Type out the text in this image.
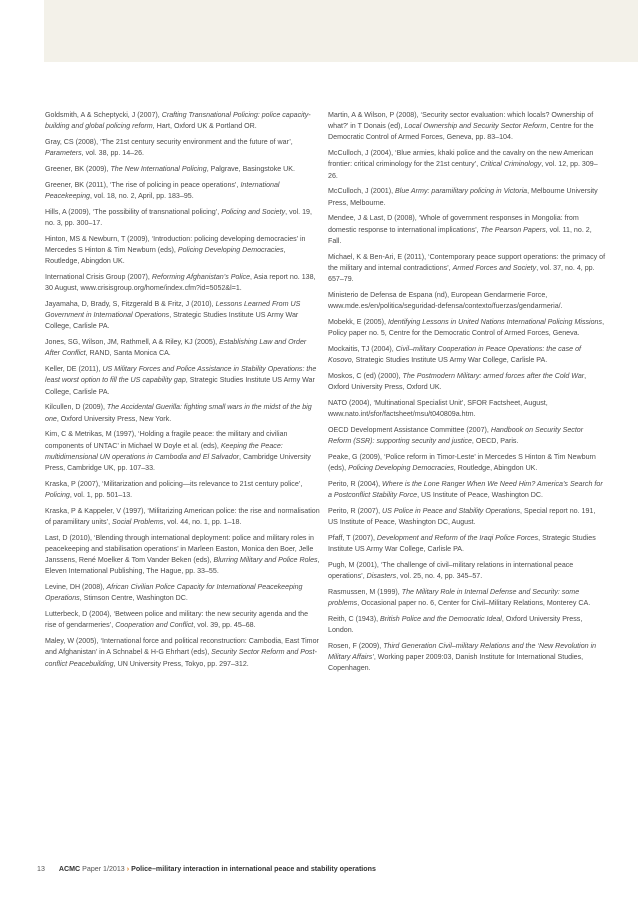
Goldsmith, A & Scheptycki, J (2007), Crafting Transnational Policing: police capacity-building and global policing reform, Hart, Oxford UK & Portland OR.

Gray, CS (2008), ‘The 21st century security environment and the future of war’, Parameters, vol. 38, pp. 14–26.

Greener, BK (2009), The New International Policing, Palgrave, Basingstoke UK.

Greener, BK (2011), ‘The rise of policing in peace operations’, International Peacekeeping, vol. 18, no. 2, April, pp. 183–95.

Hills, A (2009), ‘The possibility of transnational policing’, Policing and Society, vol. 19, no. 3, pp. 300–17.

Hinton, MS & Newburn, T (2009), ‘Introduction: policing developing democracies’ in Mercedes S Hinton & Tim Newburn (eds), Policing Developing Democracies, Routledge, Abingdon UK.

International Crisis Group (2007), Reforming Afghanistan’s Police, Asia report no. 138, 30 August, www.crisisgroup.org/home/index.cfm?id=5052&l=1.

Jayamaha, D, Brady, S, Fitzgerald B & Fritz, J (2010), Lessons Learned From US Government in International Operations, Strategic Studies Institute US Army War College, Carlisle PA.

Jones, SG, Wilson, JM, Rathmell, A & Riley, KJ (2005), Establishing Law and Order After Conflict, RAND, Santa Monica CA.

Keller, DE (2011), US Military Forces and Police Assistance in Stability Operations: the least worst option to fill the US capability gap, Strategic Studies Institute US Army War College, Carlisle PA.

Kilcullen, D (2009), The Accidental Guerilla: fighting small wars in the midst of the big one, Oxford University Press, New York.

Kim, C & Metrikas, M (1997), ‘Holding a fragile peace: the military and civilian components of UNTAC’ in Michael W Doyle et al. (eds), Keeping the Peace: multidimensional UN operations in Cambodia and El Salvador, Cambridge University Press, Cambridge UK, pp. 107–33.

Kraska, P (2007), ‘Militarization and policing—its relevance to 21st century police’, Policing, vol. 1, pp. 501–13.

Kraska, P & Kappeler, V (1997), ‘Militarizing American police: the rise and normalisation of paramilitary units’, Social Problems, vol. 44, no. 1, pp. 1–18.

Last, D (2010), ‘Blending through international deployment: police and military roles in peacekeeping and stabilisation operations’ in Marleen Easton, Monica den Boer, Jelle Janssens, René Moelker & Tom Vander Beken (eds), Blurring Military and Police Roles, Eleven International Publishing, The Hague, pp. 33–55.

Levine, DH (2008), African Civilian Police Capacity for International Peacekeeping Operations, Stimson Centre, Washington DC.

Lutterbeck, D (2004), ‘Between police and military: the new security agenda and the rise of gendarmeries’, Cooperation and Conflict, vol. 39, pp. 45–68.

Maley, W (2005), ‘International force and political reconstruction: Cambodia, East Timor and Afghanistan’ in A Schnabel & H-G Ehrhart (eds), Security Sector Reform and Post-conflict Peacebuilding, UN University Press, Tokyo, pp. 297–312.

Martin, A & Wilson, P (2008), ‘Security sector evaluation: which locals? Ownership of what?’ in T Donais (ed), Local Ownership and Security Sector Reform, Centre for the Democratic Control of Armed Forces, Geneva, pp. 83–104.

McCulloch, J (2004), ‘Blue armies, khaki police and the cavalry on the new American frontier: critical criminology for the 21st century’, Critical Criminology, vol. 12, pp. 309–26.

McCulloch, J (2001), Blue Army: paramilitary policing in Victoria, Melbourne University Press, Melbourne.

Mendee, J & Last, D (2008), ‘Whole of government responses in Mongolia: from domestic response to international implications’, The Pearson Papers, vol. 11, no. 2, Fall.

Michael, K & Ben-Ari, E (2011), ‘Contemporary peace support operations: the primacy of the military and internal contradictions’, Armed Forces and Society, vol. 37, no. 4, pp. 657–79.

Ministerio de Defensa de Espana (nd), European Gendarmerie Force, www.mde.es/en/politica/seguridad-defensa/contexto/fuerzas/gendarmeria/.

Mobekk, E (2005), Identifying Lessons in United Nations International Policing Missions, Policy paper no. 5, Centre for the Democratic Control of Armed Forces, Geneva.

Mockaitis, TJ (2004), Civil–military Cooperation in Peace Operations: the case of Kosovo, Strategic Studies Institute US Army War College, Carlisle PA.

Moskos, C (ed) (2000), The Postmodern Military: armed forces after the Cold War, Oxford University Press, Oxford UK.

NATO (2004), ‘Multinational Specialist Unit’, SFOR Factsheet, August, www.nato.int/sfor/factsheet/msu/t040809a.htm.

OECD Development Assistance Committee (2007), Handbook on Security Sector Reform (SSR): supporting security and justice, OECD, Paris.

Peake, G (2009), ‘Police reform in Timor-Leste’ in Mercedes S Hinton & Tim Newburn (eds), Policing Developing Democracies, Routledge, Abingdon UK.

Perito, R (2004), Where is the Lone Ranger When We Need Him? America’s Search for a Postconflict Stability Force, US Institute of Peace, Washington DC.

Perito, R (2007), US Police in Peace and Stability Operations, Special report no. 191, US Institute of Peace, Washington DC, August.

Pfaff, T (2007), Development and Reform of the Iraqi Police Forces, Strategic Studies Institute US Army War College, Carlisle PA.

Pugh, M (2001), ‘The challenge of civil–military relations in international peace operations’, Disasters, vol. 25, no. 4, pp. 345–57.

Rasmussen, M (1999), The Military Role in Internal Defense and Security: some problems, Occasional paper no. 6, Center for Civil–Military Relations, Monterey CA.

Reith, C (1943), British Police and the Democratic Ideal, Oxford University Press, London.

Rosen, F (2009), Third Generation Civil–military Relations and the ‘New Revolution in Military Affairs’, Working paper 2009:03, Danish Institute for International Studies, Copenhagen.

13 ACMC Paper 1/2013 › Police–military interaction in international peace and stability operations
